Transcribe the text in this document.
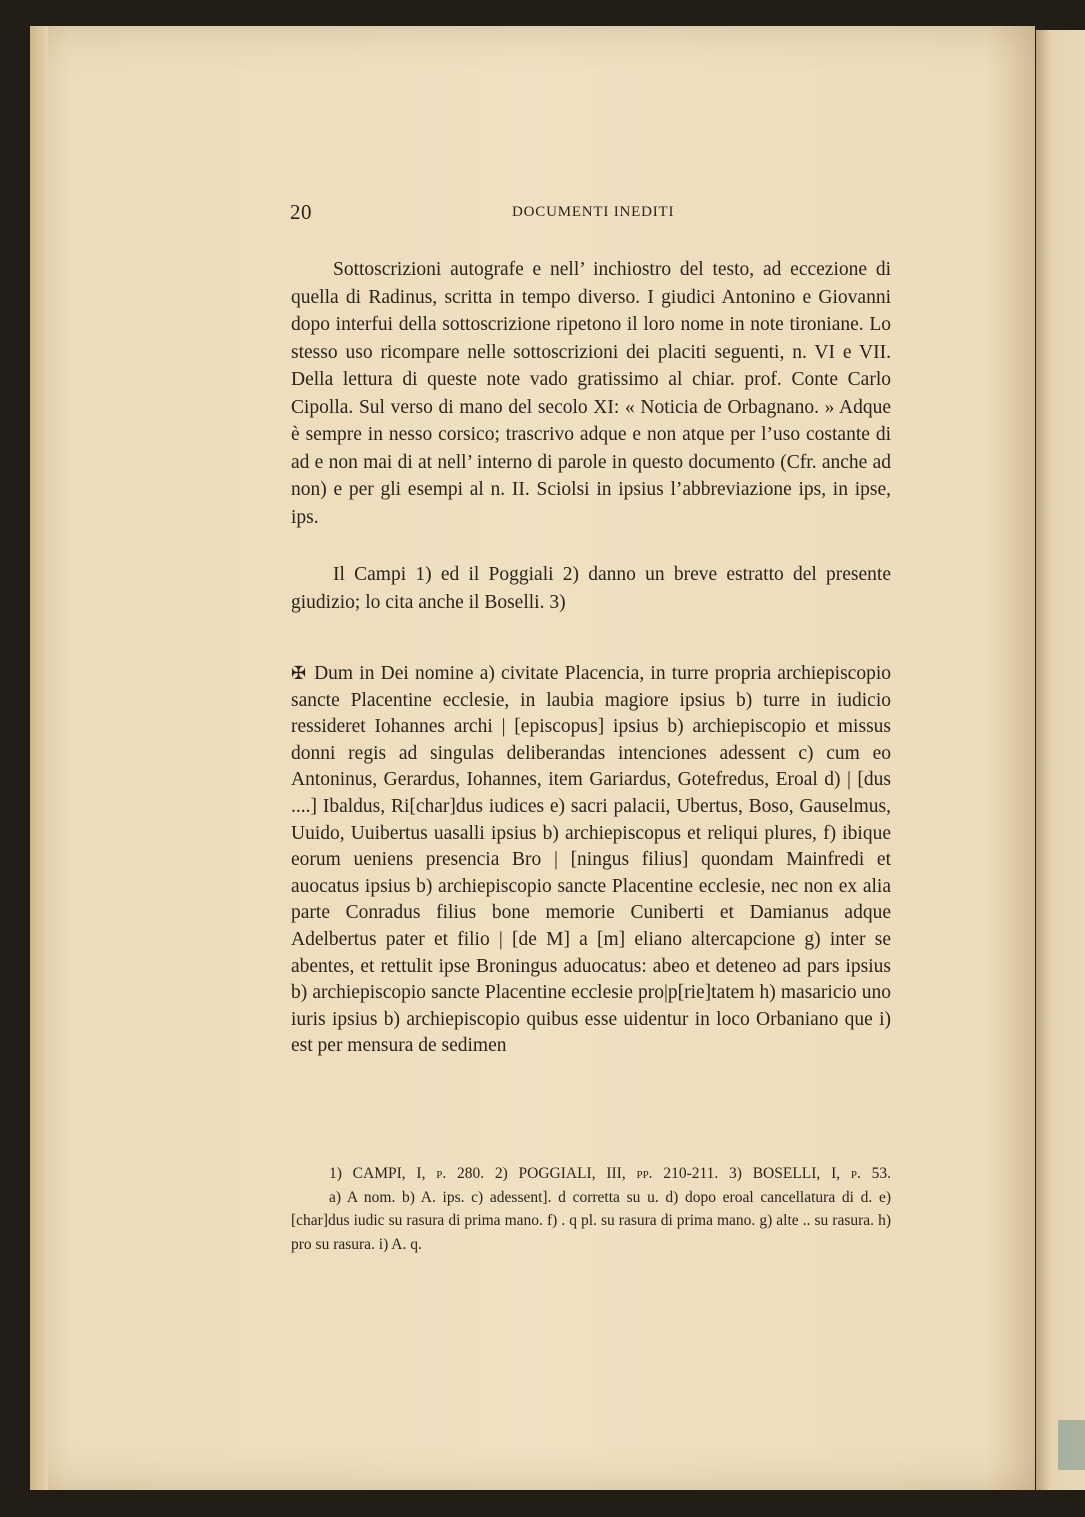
20	DOCUMENTI INEDITI

Sottoscrizioni autografe e nell’ inchiostro del testo, ad eccezione di quella di Radinus, scritta in tempo diverso. I giudici Antonino e Giovanni dopo interfui della sottoscrizione ripetono il loro nome in note tironiane. Lo stesso uso ricompare nelle sottoscrizioni dei placiti seguenti, n. VI e VII. Della lettura di queste note vado gratissimo al chiar. prof. Conte Carlo Cipolla. Sul verso di mano del secolo XI: « Noticia de Orbagnano. » Adque è sempre in nesso corsico; trascrivo adque e non atque per l’uso costante di ad e non mai di at nell’ interno di parole in questo documento (Cfr. anche ad non) e per gli esempi al n. II. Sciolsi in ipsius l’abbreviazione ips, in ipse, ips.

Il Campi 1) ed il Poggiali 2) danno un breve estratto del presente giudizio; lo cita anche il Boselli. 3)

✠ Dum in Dei nomine a) civitate Placencia, in turre propria archiepiscopio sancte Placentine ecclesie, in laubia magiore ipsius b) turre in iudicio ressideret Iohannes archi | [episcopus] ipsius b) archiepiscopio et missus donni regis ad singulas deliberandas intenciones adessent c) cum eo Antoninus, Gerardus, Iohannes, item Gariardus, Gotefredus, Eroal d) | [dus ....] Ibaldus, Ri[char]dus iudices e) sacri palacii, Ubertus, Boso, Gauselmus, Uuido, Uuibertus uasalli ipsius b) archiepiscopus et reliqui plures, f) ibique eorum ueniens presencia Bro | [ningus filius] quondam Mainfredi et auocatus ipsius b) archiepiscopio sancte Placentine ecclesie, nec non ex alia parte Conradus filius bone memorie Cuniberti et Damianus adque Adelbertus pater et filio | [de M] a [m] eliano altercapcione g) inter se abentes, et rettulit ipse Broningus aduocatus: abeo et deteneo ad pars ipsius b) archiepiscopio sancte Placentine ecclesie pro|p[rie]tatem h) masaricio uno iuris ipsius b) archiepiscopio quibus esse uidentur in loco Orbaniano que i) est per mensura de sedimen

1) CAMPI, I, p. 280. 2) POGGIALI, III, pp. 210-211. 3) BOSELLI, I, p. 53.

a) A nom. b) A. ips. c) adessent]. d corretta su u. d) dopo eroal cancellatura di d. e) [char]dus iudic su rasura di prima mano. f) . q pl. su rasura di prima mano. g) alte .. su rasura. h) pro su rasura. i) A. q.
